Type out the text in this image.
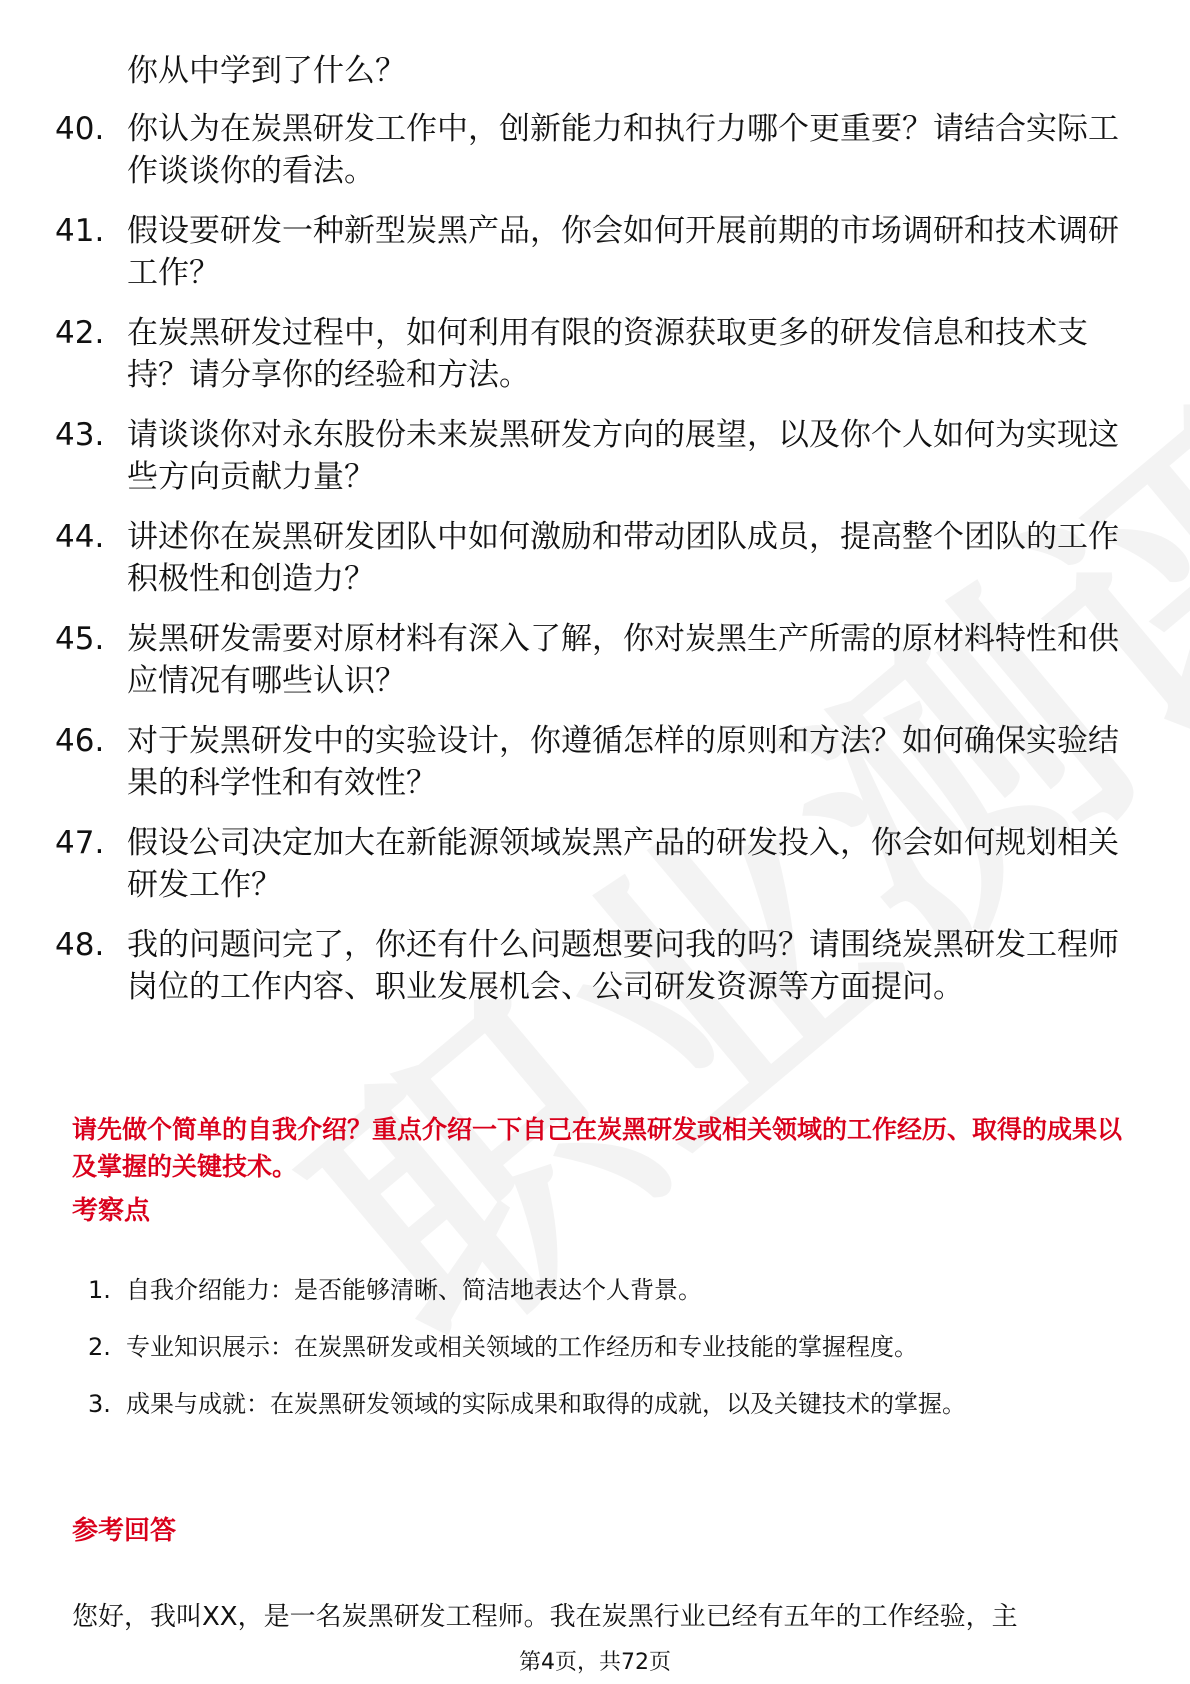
你从中学到了什么？
40. 你认为在炭黑研发工作中，创新能力和执行力哪个更重要？请结合实际工作谈谈你的看法。
41. 假设要研发一种新型炭黑产品，你会如何开展前期的市场调研和技术调研工作？
42. 在炭黑研发过程中，如何利用有限的资源获取更多的研发信息和技术支持？请分享你的经验和方法。
43. 请谈谈你对永东股份未来炭黑研发方向的展望，以及你个人如何为实现这些方向贡献力量？
44. 讲述你在炭黑研发团队中如何激励和带动团队成员，提高整个团队的工作积极性和创造力？
45. 炭黑研发需要对原材料有深入了解，你对炭黑生产所需的原材料特性和供应情况有哪些认识？
46. 对于炭黑研发中的实验设计，你遵循怎样的原则和方法？如何确保实验结果的科学性和有效性？
47. 假设公司决定加大在新能源领域炭黑产品的研发投入，你会如何规划相关研发工作？
48. 我的问题问完了，你还有什么问题想要问我的吗？请围绕炭黑研发工程师岗位的工作内容、职业发展机会、公司研发资源等方面提问。
请先做个简单的自我介绍？重点介绍一下自己在炭黑研发或相关领域的工作经历、取得的成果以及掌握的关键技术。
考察点
1. 自我介绍能力：是否能够清晰、简洁地表达个人背景。
2. 专业知识展示：在炭黑研发或相关领域的工作经历和专业技能的掌握程度。
3. 成果与成就：在炭黑研发领域的实际成果和取得的成就，以及关键技术的掌握。
参考回答
您好，我叫XX，是一名炭黑研发工程师。我在炭黑行业已经有五年的工作经验，主
第4页，共72页
